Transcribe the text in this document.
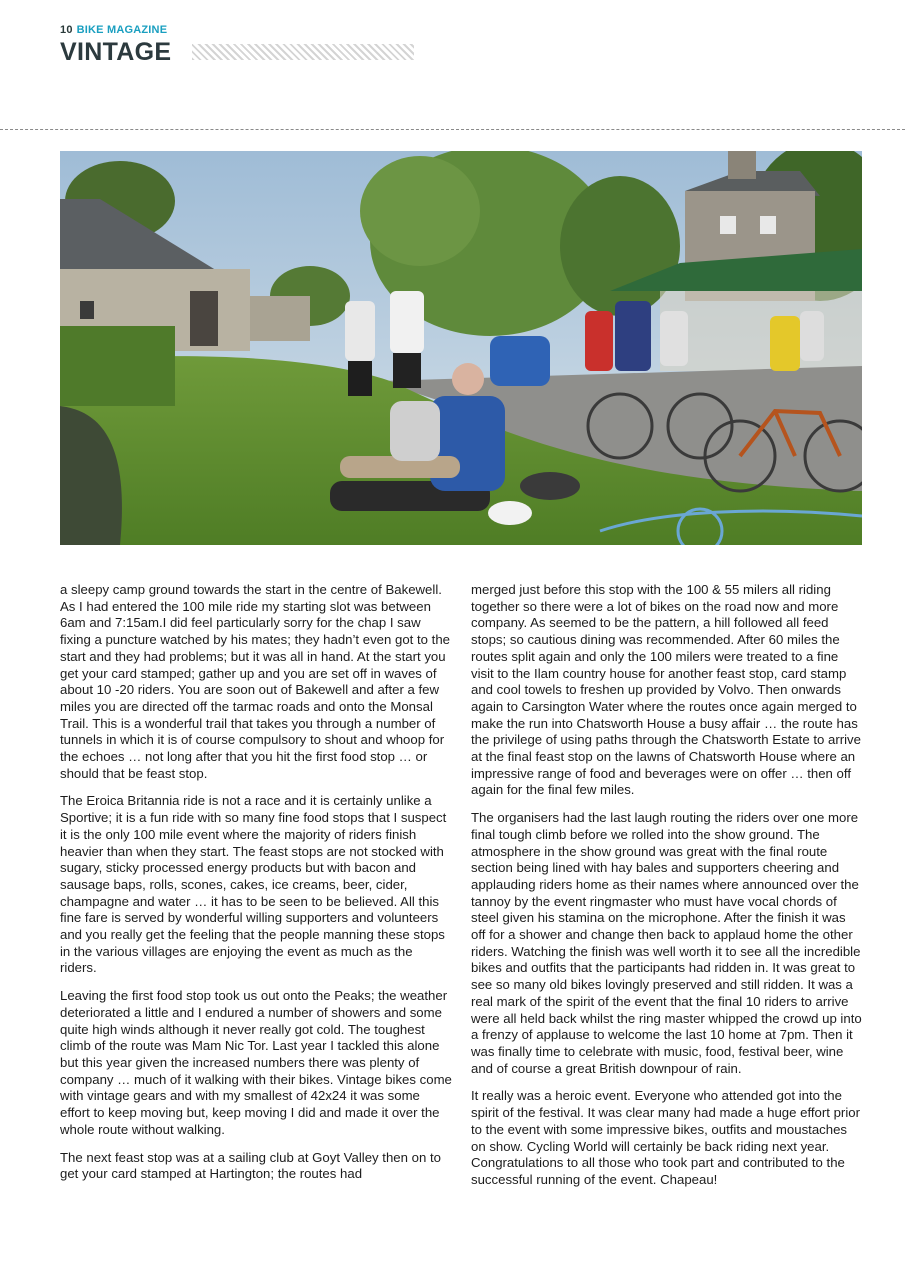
10 BIKE MAGAZINE
VINTAGE

a sleepy camp ground towards the start in the centre of Bakewell. As I had entered the 100 mile ride my starting slot was between 6am and 7:15am.I did feel particularly sorry for the chap I saw fixing a puncture watched by his mates; they hadn’t even got to the start and they had problems; but it was all in hand. At the start you get your card stamped; gather up and you are set off in waves of about 10 -20 riders. You are soon out of Bakewell and after a few miles you are directed off the tarmac roads and onto the Monsal Trail. This is a wonderful trail that takes you through a number of tunnels in which it is of course compulsory to shout and whoop for the echoes … not long after that you hit the first food stop … or should that be feast stop.

The Eroica Britannia ride is not a race and it is certainly unlike a Sportive; it is a fun ride with so many fine food stops that I suspect it is the only 100 mile event where the majority of riders finish heavier than when they start. The feast stops are not stocked with sugary, sticky processed energy products but with bacon and sausage baps, rolls, scones, cakes, ice creams, beer, cider, champagne and water … it has to be seen to be believed. All this fine fare is served by wonderful willing supporters and volunteers and you really get the feeling that the people manning these stops in the various villages are enjoying the event as much as the riders.

Leaving the first food stop took us out onto the Peaks; the weather deteriorated a little and I endured a number of showers and some quite high winds although it never really got cold. The toughest climb of the route was Mam Nic Tor. Last year I tackled this alone but this year given the increased numbers there was plenty of company … much of it walking with their bikes. Vintage bikes come with vintage gears and with my smallest of 42x24 it was some effort to keep moving but, keep moving I did and made it over the whole route without walking.

The next feast stop was at a sailing club at Goyt Valley then on to get your card stamped at Hartington; the routes had

merged just before this stop with the 100 & 55 milers all riding together so there were a lot of bikes on the road now and more company. As seemed to be the pattern, a hill followed all feed stops; so cautious dining was recommended. After 60 miles the routes split again and only the 100 milers were treated to a fine visit to the Ilam country house for another feast stop, card stamp and cool towels to freshen up provided by Volvo. Then onwards again to Carsington Water where the routes once again merged to make the run into Chatsworth House a busy affair … the route has the privilege of using paths through the Chatsworth Estate to arrive at the final feast stop on the lawns of Chatsworth House where an impressive range of food and beverages were on offer … then off again for the final few miles.

The organisers had the last laugh routing the riders over one more final tough climb before we rolled into the show ground. The atmosphere in the show ground was great with the final route section being lined with hay bales and supporters cheering and applauding riders home as their names where announced over the tannoy by the event ringmaster who must have vocal chords of steel given his stamina on the microphone. After the finish it was off for a shower and change then back to applaud home the other riders. Watching the finish was well worth it to see all the incredible bikes and outfits that the participants had ridden in. It was great to see so many old bikes lovingly preserved and still ridden. It was a real mark of the spirit of the event that the final 10 riders to arrive were all held back whilst the ring master whipped the crowd up into a frenzy of applause to welcome the last 10 home at 7pm. Then it was finally time to celebrate with music, food, festival beer, wine and of course a great British downpour of rain.

It really was a heroic event. Everyone who attended got into the spirit of the festival. It was clear many had made a huge effort prior to the event with some impressive bikes, outfits and moustaches on show. Cycling World will certainly be back riding next year. Congratulations to all those who took part and contributed to the successful running of the event. Chapeau!
